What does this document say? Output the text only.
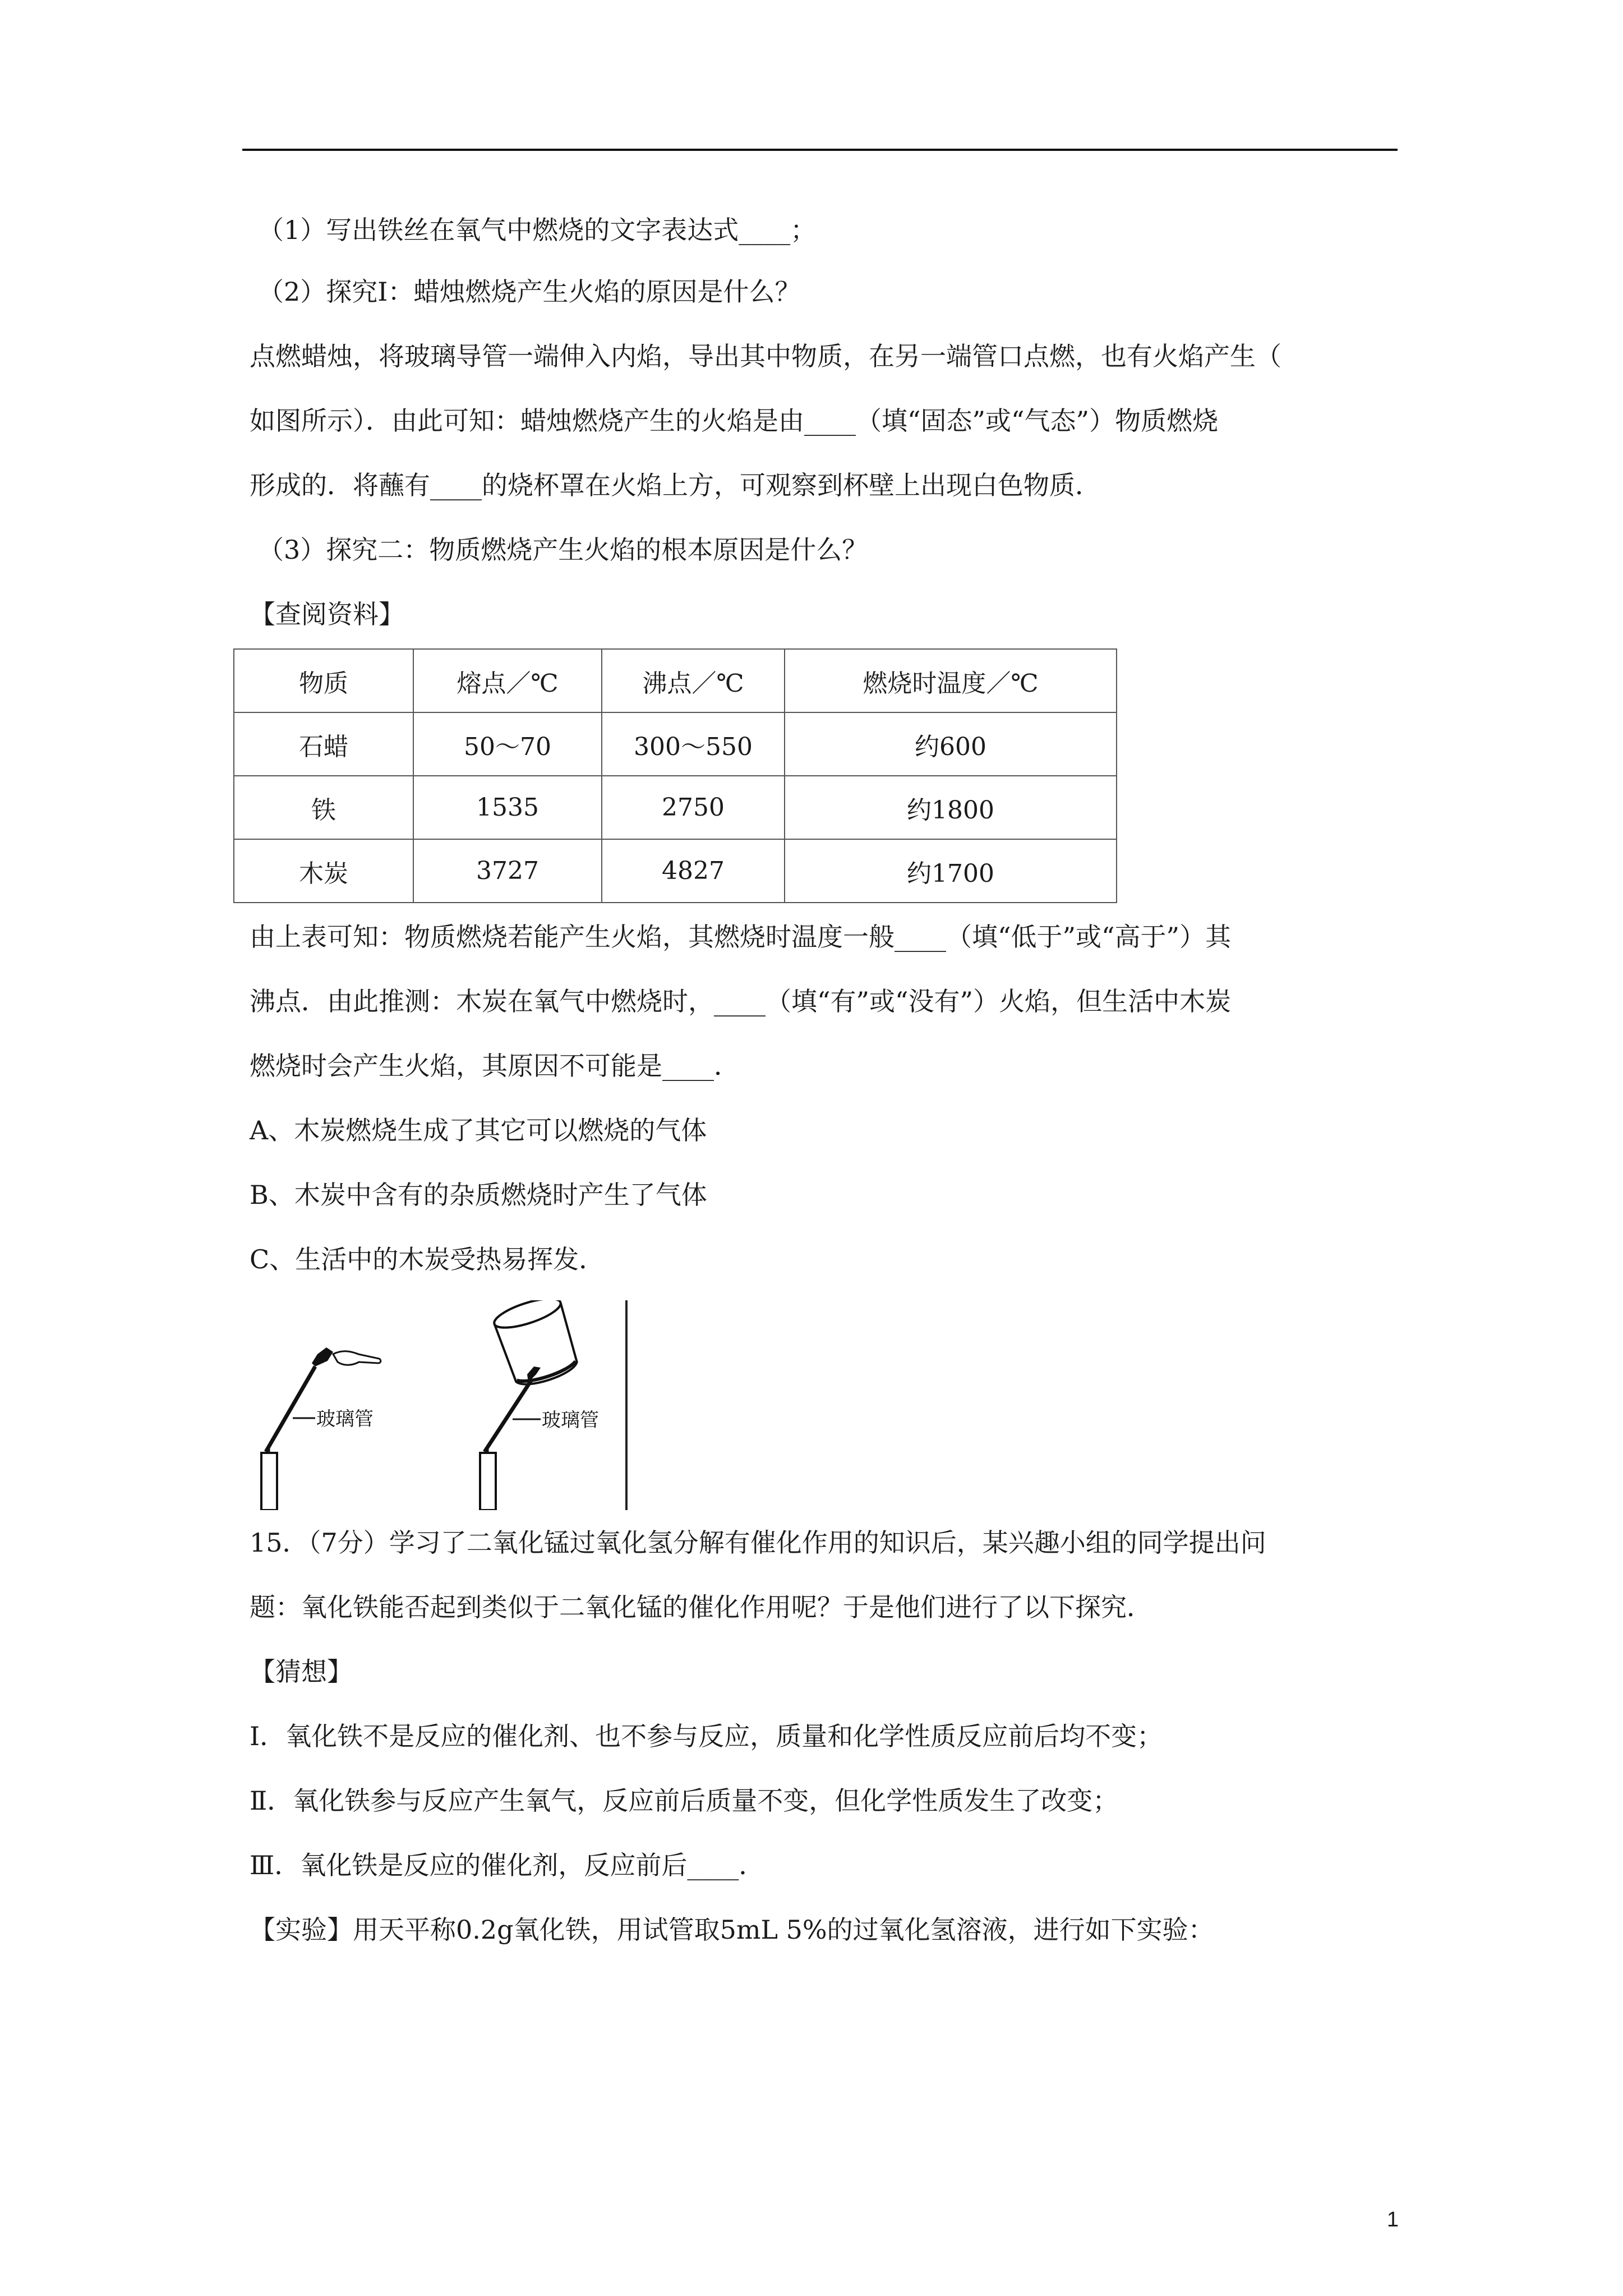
（1）写出铁丝在氧气中燃烧的文字表达式____；
（2）探究Ⅰ：蜡烛燃烧产生火焰的原因是什么？
点燃蜡烛，将玻璃导管一端伸入内焰，导出其中物质，在另一端管口点燃，也有火焰产生（
如图所示）．由此可知：蜡烛燃烧产生的火焰是由____（填“固态”或“气态”）物质燃烧
形成的．将蘸有____的烧杯罩在火焰上方，可观察到杯壁上出现白色物质．
（3）探究二：物质燃烧产生火焰的根本原因是什么？
【查阅资料】
物质	熔点／℃	沸点／℃	燃烧时温度／℃
石蜡	50～70	300～550	约600
铁	1535	2750	约1800
木炭	3727	4827	约1700
由上表可知：物质燃烧若能产生火焰，其燃烧时温度一般____（填“低于”或“高于”）其
沸点．由此推测：木炭在氧气中燃烧时，____（填“有”或“没有”）火焰，但生活中木炭
燃烧时会产生火焰，其原因不可能是____．
A、木炭燃烧生成了其它可以燃烧的气体
B、木炭中含有的杂质燃烧时产生了气体
C、生活中的木炭受热易挥发．
玻璃管	玻璃管
15．（7分）学习了二氧化锰过氧化氢分解有催化作用的知识后，某兴趣小组的同学提出问
题：氧化铁能否起到类似于二氧化锰的催化作用呢？于是他们进行了以下探究．
【猜想】
Ⅰ．氧化铁不是反应的催化剂、也不参与反应，质量和化学性质反应前后均不变；
Ⅱ．氧化铁参与反应产生氧气，反应前后质量不变，但化学性质发生了改变；
Ⅲ．氧化铁是反应的催化剂，反应前后____．
【实验】用天平称0.2g氧化铁，用试管取5mL 5%的过氧化氢溶液，进行如下实验：
1
